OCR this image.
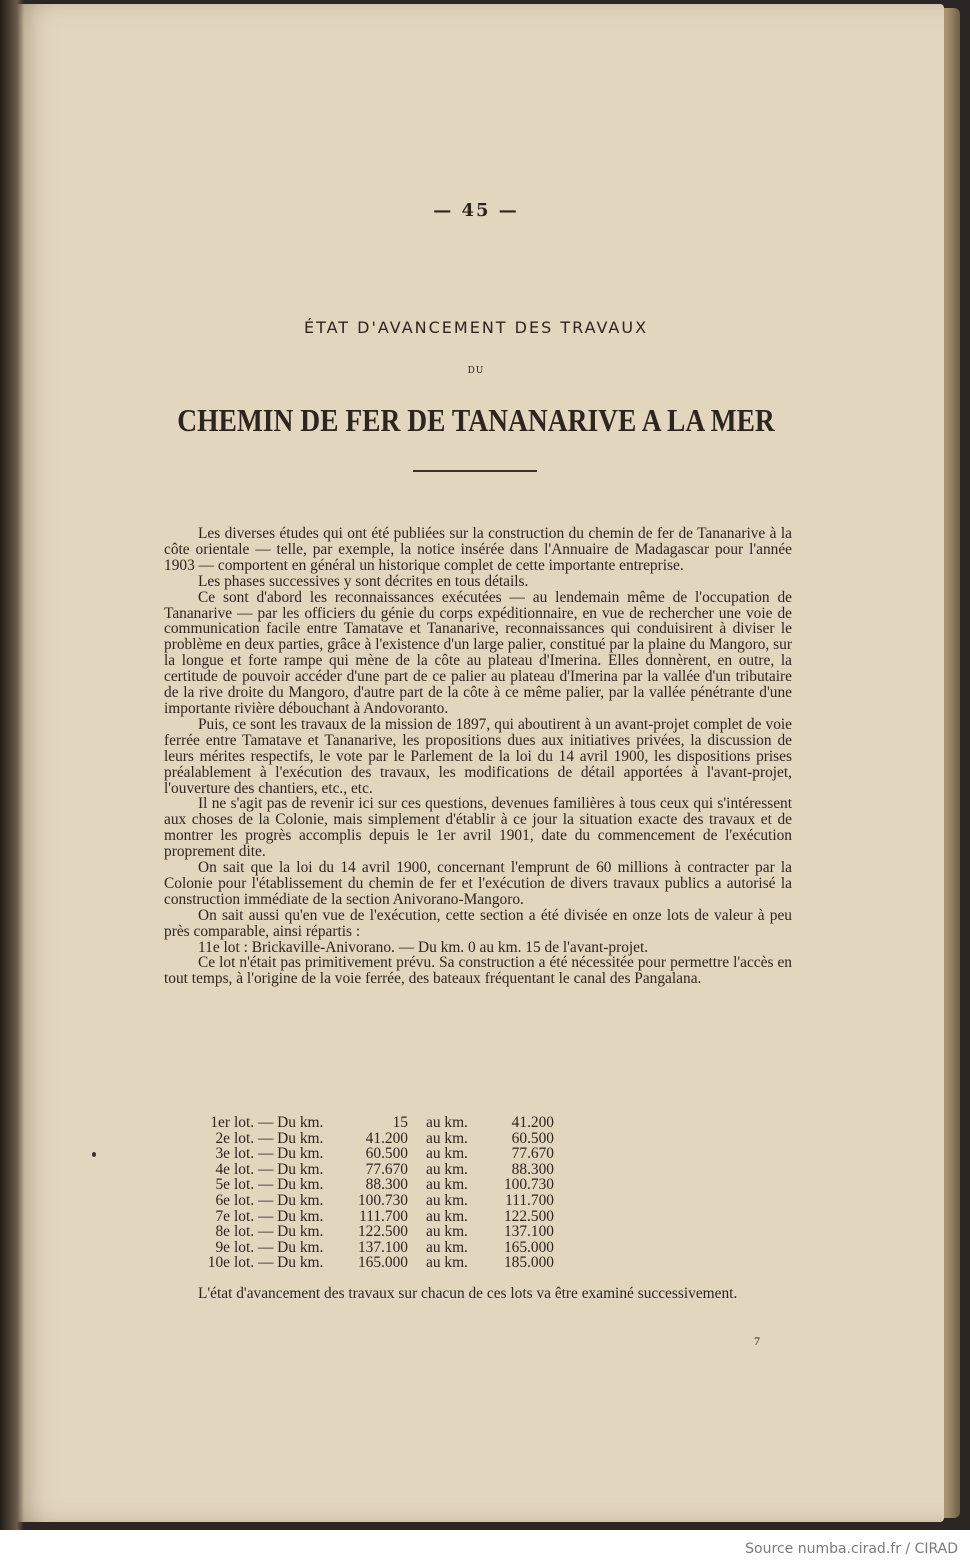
— 45 —
ÉTAT D'AVANCEMENT DES TRAVAUX
DU
CHEMIN DE FER DE TANANARIVE A LA MER

Les diverses études qui ont été publiées sur la construction du chemin de fer de Tananarive à la côte orientale — telle, par exemple, la notice insérée dans l'Annuaire de Madagascar pour l'année 1903 — comportent en général un historique complet de cette importante entreprise.

Les phases successives y sont décrites en tous détails.

Ce sont d'abord les reconnaissances exécutées — au lendemain même de l'occupation de Tananarive — par les officiers du génie du corps expéditionnaire, en vue de rechercher une voie de communication facile entre Tamatave et Tananarive, reconnaissances qui conduisirent à diviser le problème en deux parties, grâce à l'existence d'un large palier, constitué par la plaine du Mangoro, sur la longue et forte rampe qui mène de la côte au plateau d'Imerina. Elles donnèrent, en outre, la certitude de pouvoir accéder d'une part de ce palier au plateau d'Imerina par la vallée d'un tributaire de la rive droite du Mangoro, d'autre part de la côte à ce même palier, par la vallée pénétrante d'une importante rivière débouchant à Andovoranto.

Puis, ce sont les travaux de la mission de 1897, qui aboutirent à un avant-projet complet de voie ferrée entre Tamatave et Tananarive, les propositions dues aux initiatives privées, la discussion de leurs mérites respectifs, le vote par le Parlement de la loi du 14 avril 1900, les dispositions prises préalablement à l'exécution des travaux, les modifications de détail apportées à l'avant-projet, l'ouverture des chantiers, etc., etc.

Il ne s'agit pas de revenir ici sur ces questions, devenues familières à tous ceux qui s'intéressent aux choses de la Colonie, mais simplement d'établir à ce jour la situation exacte des travaux et de montrer les progrès accomplis depuis le 1er avril 1901, date du commencement de l'exécution proprement dite.

On sait que la loi du 14 avril 1900, concernant l'emprunt de 60 millions à contracter par la Colonie pour l'établissement du chemin de fer et l'exécution de divers travaux publics a autorisé la construction immédiate de la section Anivorano-Mangoro.

On sait aussi qu'en vue de l'exécution, cette section a été divisée en onze lots de valeur à peu près comparable, ainsi répartis :

11e lot : Brickaville-Anivorano. — Du km. 0 au km. 15 de l'avant-projet.

Ce lot n'était pas primitivement prévu. Sa construction a été nécessitée pour permettre l'accès en tout temps, à l'origine de la voie ferrée, des bateaux fréquentant le canal des Pangalana.

1er lot. — Du km.	15	au km.	41.200
2e lot. — Du km.	41.200	au km.	60.500
3e lot. — Du km.	60.500	au km.	77.670
4e lot. — Du km.	77.670	au km.	88.300
5e lot. — Du km.	88.300	au km.	100.730
6e lot. — Du km.	100.730	au km.	111.700
7e lot. — Du km.	111.700	au km.	122.500
8e lot. — Du km.	122.500	au km.	137.100
9e lot. — Du km.	137.100	au km.	165.000
10e lot. — Du km.	165.000	au km.	185.000

L'état d'avancement des travaux sur chacun de ces lots va être examiné successivement.

7
Source numba.cirad.fr / CIRAD
